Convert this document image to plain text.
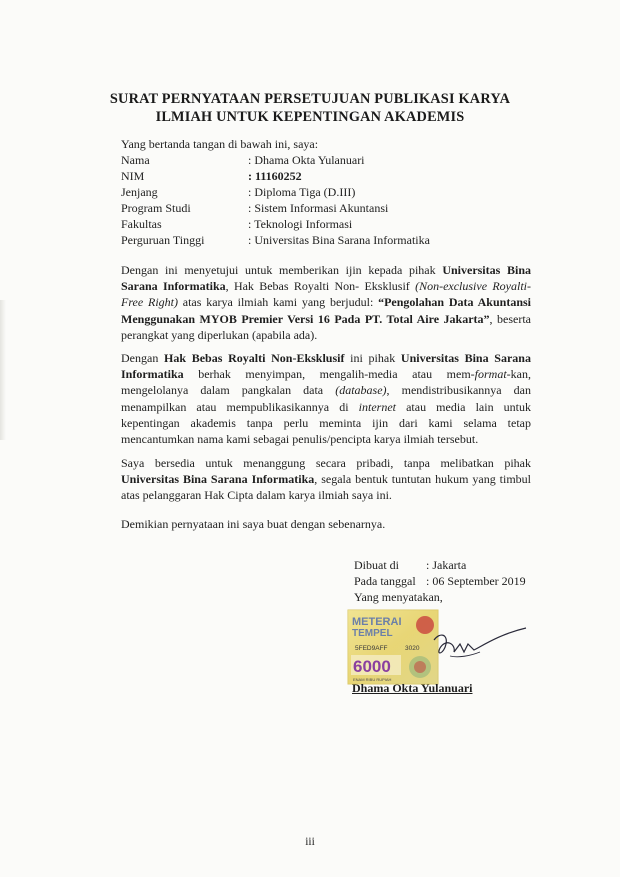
SURAT PERNYATAAN PERSETUJUAN PUBLIKASI KARYA
ILMIAH UNTUK KEPENTINGAN AKADEMIS
Yang bertanda tangan di bawah ini, saya:
Nama	: Dhama Okta Yulanuari
NIM	: 11160252
Jenjang	: Diploma Tiga (D.III)
Program Studi	: Sistem Informasi Akuntansi
Fakultas	: Teknologi Informasi
Perguruan Tinggi	: Universitas Bina Sarana Informatika
Dengan ini menyetujui untuk memberikan ijin kepada pihak Universitas Bina Sarana Informatika, Hak Bebas Royalti Non- Eksklusif (Non-exclusive Royalti-Free Right) atas karya ilmiah kami yang berjudul: “Pengolahan Data Akuntansi Menggunakan MYOB Premier Versi 16 Pada PT. Total Aire Jakarta”, beserta perangkat yang diperlukan (apabila ada).
Dengan Hak Bebas Royalti Non-Eksklusif ini pihak Universitas Bina Sarana Informatika berhak menyimpan, mengalih-media atau mem-format-kan, mengelolanya dalam pangkalan data (database), mendistribusikannya dan menampilkan atau mempublikasikannya di internet atau media lain untuk kepentingan akademis tanpa perlu meminta ijin dari kami selama tetap mencantumkan nama kami sebagai penulis/pencipta karya ilmiah tersebut.
Saya bersedia untuk menanggung secara pribadi, tanpa melibatkan pihak Universitas Bina Sarana Informatika, segala bentuk tuntutan hukum yang timbul atas pelanggaran Hak Cipta dalam karya ilmiah saya ini.
Demikian pernyataan ini saya buat dengan sebenarnya.
Dibuat di : Jakarta
Pada tanggal : 06 September 2019
Yang menyatakan,
METERAI
TEMPEL
5FED9AFF	3020
6000
ENAM RIBU RUPIAH
Dhama Okta Yulanuari
iii
